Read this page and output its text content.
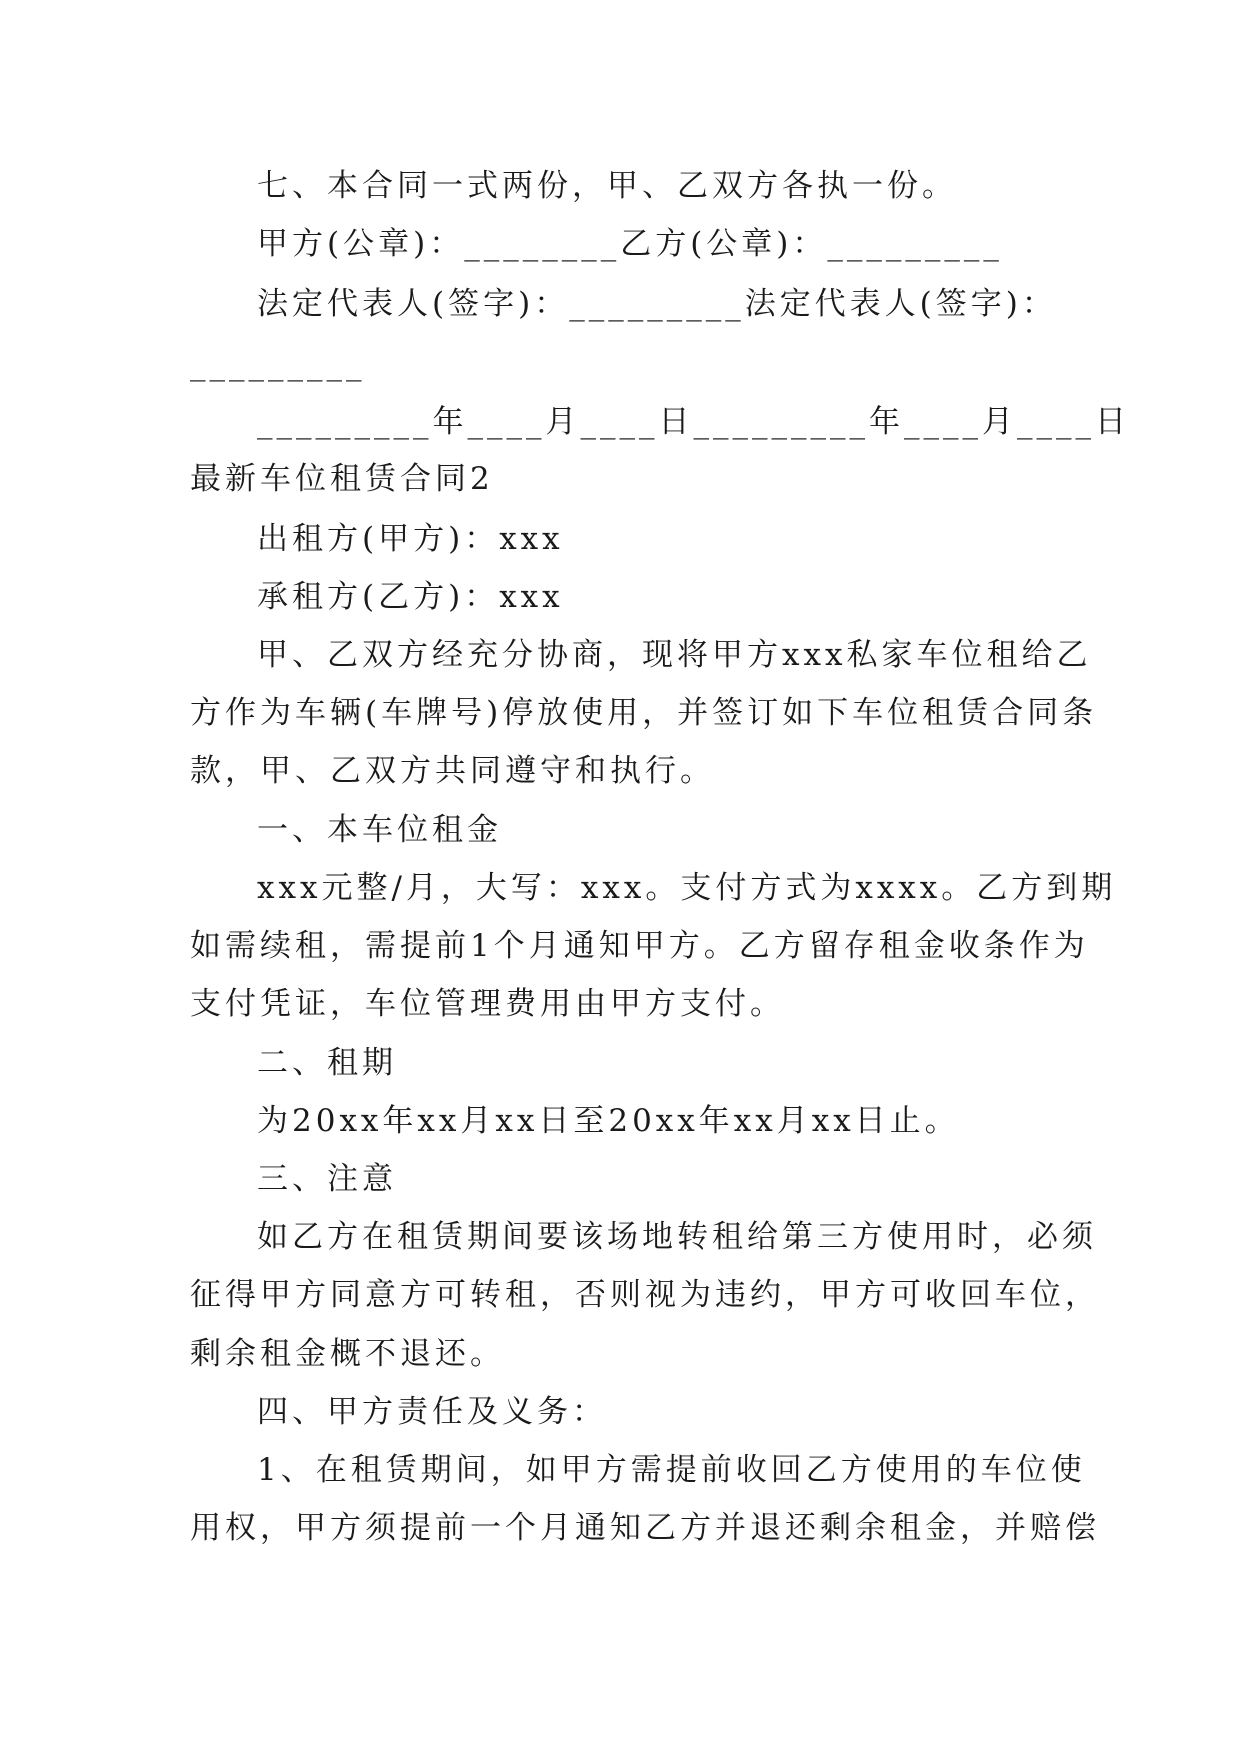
七、本合同一式两份，甲、乙双方各执一份。
甲方(公章)：________乙方(公章)：_________
法定代表人(签字)：_________法定代表人(签字)：
_________
_________年____月____日_________年____月____日
最新车位租赁合同2
出租方(甲方)：xxx
承租方(乙方)：xxx
甲、乙双方经充分协商，现将甲方xxx私家车位租给乙
方作为车辆(车牌号)停放使用，并签订如下车位租赁合同条
款，甲、乙双方共同遵守和执行。
一、本车位租金
xxx元整/月，大写：xxx。支付方式为xxxx。乙方到期
如需续租，需提前1个月通知甲方。乙方留存租金收条作为
支付凭证，车位管理费用由甲方支付。
二、租期
为20xx年xx月xx日至20xx年xx月xx日止。
三、注意
如乙方在租赁期间要该场地转租给第三方使用时，必须
征得甲方同意方可转租，否则视为违约，甲方可收回车位，
剩余租金概不退还。
四、甲方责任及义务：
1、在租赁期间，如甲方需提前收回乙方使用的车位使
用权，甲方须提前一个月通知乙方并退还剩余租金，并赔偿
